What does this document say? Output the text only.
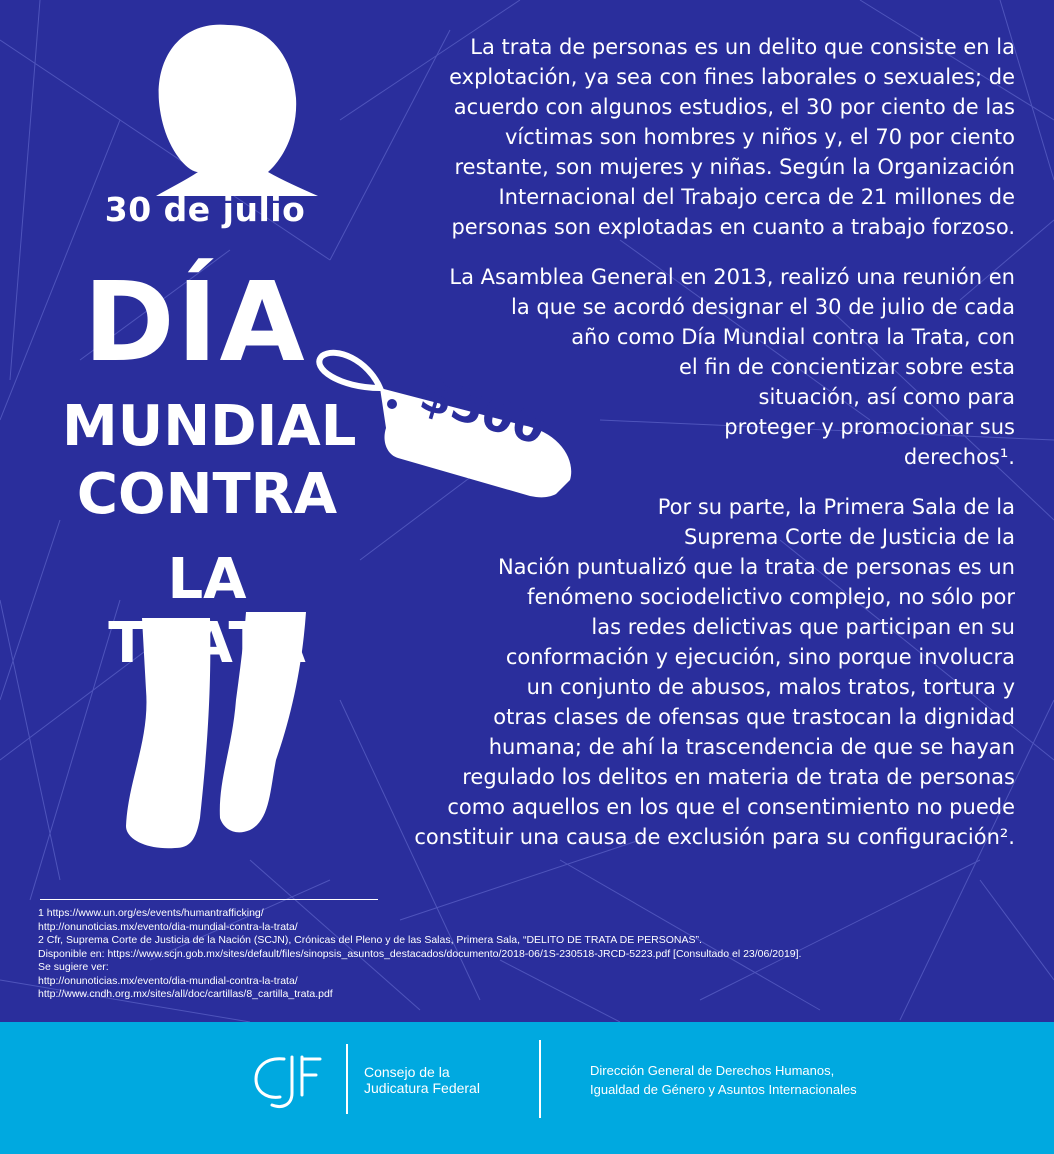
30 de julio
DÍA
MUNDIAL
CONTRA
LA TRATA
$500
La trata de personas es un delito que consiste en la
explotación, ya sea con fines laborales o sexuales; de
acuerdo con algunos estudios, el 30 por ciento de las
víctimas son hombres y niños y, el 70 por ciento
restante, son mujeres y niñas. Según la Organización
Internacional del Trabajo cerca de 21 millones de
personas son explotadas en cuanto a trabajo forzoso.
La Asamblea General en 2013, realizó una reunión en
la que se acordó designar el 30 de julio de cada
año como Día Mundial contra la Trata, con
el fin de concientizar sobre esta
situación, así como para
proteger y promocionar sus
derechos¹.
Por su parte, la Primera Sala de la
Suprema Corte de Justicia de la
Nación puntualizó que la trata de personas es un
fenómeno sociodelictivo complejo, no sólo por
las redes delictivas que participan en su
conformación y ejecución, sino porque involucra
un conjunto de abusos, malos tratos, tortura y
otras clases de ofensas que trastocan la dignidad
humana; de ahí la trascendencia de que se hayan
regulado los delitos en materia de trata de personas
como aquellos en los que el consentimiento no puede
constituir una causa de exclusión para su configuración².
1 https://www.un.org/es/events/humantrafficking/
http://onunoticias.mx/evento/dia-mundial-contra-la-trata/
2 Cfr, Suprema Corte de Justicia de la Nación (SCJN), Crónicas del Pleno y de las Salas, Primera Sala, “DELITO DE TRATA DE PERSONAS”.
Disponible en: https://www.scjn.gob.mx/sites/default/files/sinopsis_asuntos_destacados/documento/2018-06/1S-230518-JRCD-5223.pdf [Consultado el 23/06/2019].
Se sugiere ver:
http://onunoticias.mx/evento/dia-mundial-contra-la-trata/
http://www.cndh.org.mx/sites/all/doc/cartillas/8_cartilla_trata.pdf
CJF
Consejo de la
Judicatura Federal
Dirección General de Derechos Humanos,
Igualdad de Género y Asuntos Internacionales
